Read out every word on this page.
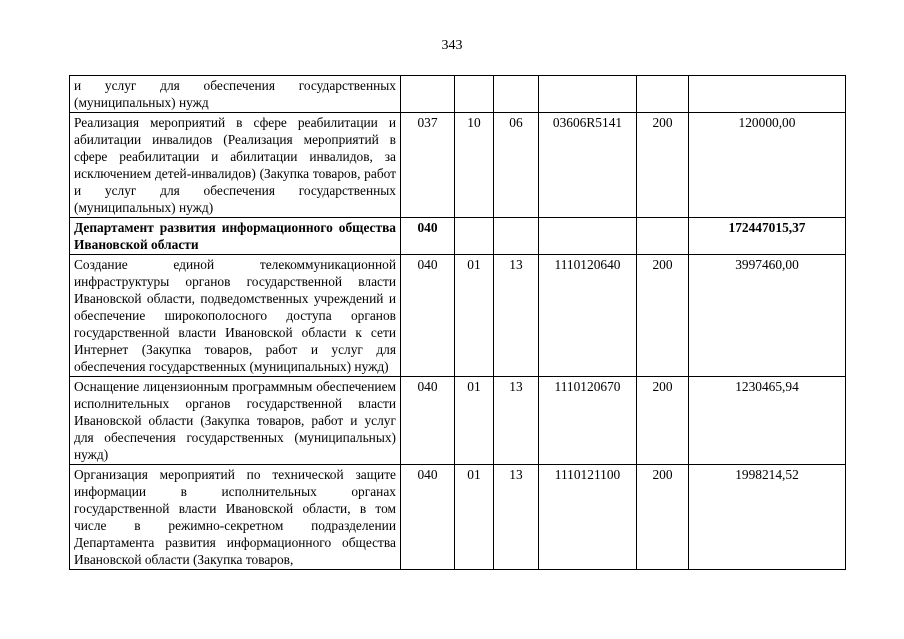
343
и услуг для обеспечения государственных (муниципальных) нужд						
Реализация мероприятий в сфере реабилитации и абилитации инвалидов (Реализация мероприятий в сфере реабилитации и абилитации инвалидов, за исключением детей-инвалидов) (Закупка товаров, работ и услуг для обеспечения государственных (муниципальных) нужд)	037	10	06	03606R5141	200	120000,00
Департамент развития информационного общества Ивановской области	040					172447015,37
Создание единой телекоммуникационной инфраструктуры органов государственной власти Ивановской области, подведомственных учреждений и обеспечение широкополосного доступа органов государственной власти Ивановской области к сети Интернет (Закупка товаров, работ и услуг для обеспечения государственных (муниципальных) нужд)	040	01	13	1110120640	200	3997460,00
Оснащение лицензионным программным обеспечением исполнительных органов государственной власти Ивановской области (Закупка товаров, работ и услуг для обеспечения государственных (муниципальных) нужд)	040	01	13	1110120670	200	1230465,94
Организация мероприятий по технической защите информации в исполнительных органах государственной власти Ивановской области, в том числе в режимно-секретном подразделении Департамента развития информационного общества Ивановской области (Закупка товаров,	040	01	13	1110121100	200	1998214,52
